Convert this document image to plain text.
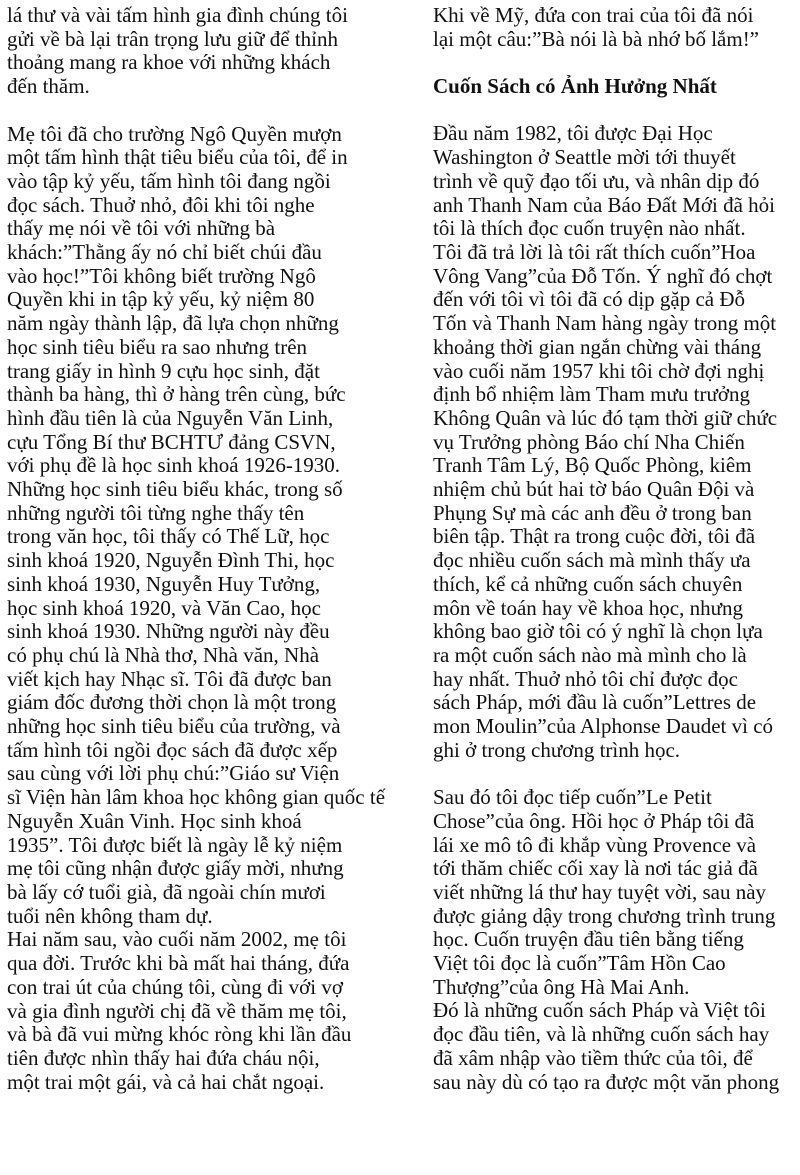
lá thư và vài tấm hình gia đình chúng tôi
gửi về bà lại trân trọng lưu giữ để thỉnh
thoảng mang ra khoe với những khách
đến thăm.
Mẹ tôi đã cho trường Ngô Quyền mượn
một tấm hình thật tiêu biểu của tôi, để in
vào tập kỷ yếu, tấm hình tôi đang ngồi
đọc sách. Thuở nhỏ, đôi khi tôi nghe
thấy mẹ nói về tôi với những bà
khách:”Thằng ấy nó chỉ biết chúi đầu
vào học!”Tôi không biết trường Ngô
Quyền khi in tập kỷ yếu, kỷ niệm 80
năm ngày thành lập, đã lựa chọn những
học sinh tiêu biểu ra sao nhưng trên
trang giấy in hình 9 cựu học sinh, đặt
thành ba hàng, thì ở hàng trên cùng, bức
hình đầu tiên là của Nguyễn Văn Linh,
cựu Tổng Bí thư BCHTƯ đảng CSVN,
với phụ đề là học sinh khoá 1926-1930.
Những học sinh tiêu biểu khác, trong số
những người tôi từng nghe thấy tên
trong văn học, tôi thấy có Thế Lữ, học
sinh khoá 1920, Nguyễn Đình Thi, học
sinh khoá 1930, Nguyễn Huy Tưởng,
học sinh khoá 1920, và Văn Cao, học
sinh khoá 1930. Những người này đều
có phụ chú là Nhà thơ, Nhà văn, Nhà
viết kịch hay Nhạc sĩ. Tôi đã được ban
giám đốc đương thời chọn là một trong
những học sinh tiêu biểu của trường, và
tấm hình tôi ngồi đọc sách đã được xếp
sau cùng với lời phụ chú:”Giáo sư Viện
sĩ Viện hàn lâm khoa học không gian quốc tế
Nguyễn Xuân Vinh. Học sinh khoá
1935”. Tôi được biết là ngày lễ kỷ niệm
mẹ tôi cũng nhận được giấy mời, nhưng
bà lấy cớ tuổi già, đã ngoài chín mươi
tuổi nên không tham dự.
Hai năm sau, vào cuối năm 2002, mẹ tôi
qua đời. Trước khi bà mất hai tháng, đứa
con trai út của chúng tôi, cùng đi với vợ
và gia đình người chị đã về thăm mẹ tôi,
và bà đã vui mừng khóc ròng khi lần đầu
tiên được nhìn thấy hai đứa cháu nội,
một trai một gái, và cả hai chắt ngoại.
Khi về Mỹ, đứa con trai của tôi đã nói
lại một câu:”Bà nói là bà nhớ bố lắm!”
Cuốn Sách có Ảnh Hưởng Nhất
Đầu năm 1982, tôi được Đại Học
Washington ở Seattle mời tới thuyết
trình về quỹ đạo tối ưu, và nhân dịp đó
anh Thanh Nam của Báo Đất Mới đã hỏi
tôi là thích đọc cuốn truyện nào nhất.
Tôi đã trả lời là tôi rất thích cuốn”Hoa
Vông Vang”của Đỗ Tốn. Ý nghĩ đó chợt
đến với tôi vì tôi đã có dịp gặp cả Đỗ
Tốn và Thanh Nam hàng ngày trong một
khoảng thời gian ngắn chừng vài tháng
vào cuối năm 1957 khi tôi chờ đợi nghị
định bổ nhiệm làm Tham mưu trưởng
Không Quân và lúc đó tạm thời giữ chức
vụ Trưởng phòng Báo chí Nha Chiến
Tranh Tâm Lý, Bộ Quốc Phòng, kiêm
nhiệm chủ bút hai tờ báo Quân Đội và
Phụng Sự mà các anh đều ở trong ban
biên tập. Thật ra trong cuộc đời, tôi đã
đọc nhiều cuốn sách mà mình thấy ưa
thích, kể cả những cuốn sách chuyên
môn về toán hay về khoa học, nhưng
không bao giờ tôi có ý nghĩ là chọn lựa
ra một cuốn sách nào mà mình cho là
hay nhất. Thuở nhỏ tôi chỉ được đọc
sách Pháp, mới đầu là cuốn”Lettres de
mon Moulin”của Alphonse Daudet vì có
ghi ở trong chương trình học.
Sau đó tôi đọc tiếp cuốn”Le Petit
Chose”của ông. Hồi học ở Pháp tôi đã
lái xe mô tô đi khắp vùng Provence và
tới thăm chiếc cối xay là nơi tác giả đã
viết những lá thư hay tuyệt vời, sau này
được giảng dậy trong chương trình trung
học. Cuốn truyện đầu tiên bằng tiếng
Việt tôi đọc là cuốn”Tâm Hồn Cao
Thượng”của ông Hà Mai Anh.
Đó là những cuốn sách Pháp và Việt tôi
đọc đầu tiên, và là những cuốn sách hay
đã xâm nhập vào tiềm thức của tôi, để
sau này dù có tạo ra được một văn phong
